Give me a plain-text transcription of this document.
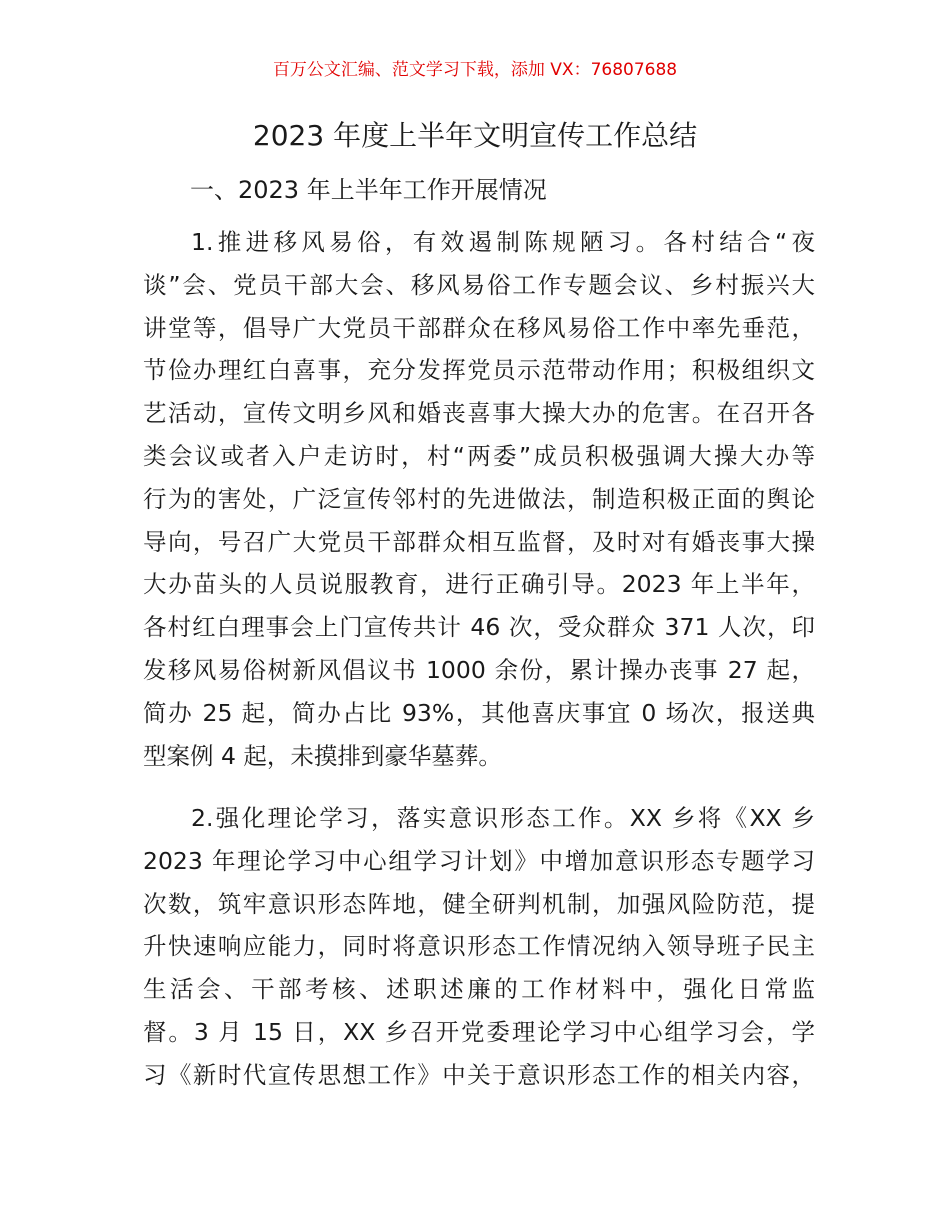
百万公文汇编、范文学习下载，添加 VX：76807688
2023 年度上半年文明宣传工作总结
一、2023 年上半年工作开展情况
1.推进移风易俗，有效遏制陈规陋习。各村结合“夜
谈”会、党员干部大会、移风易俗工作专题会议、乡村振兴大
讲堂等，倡导广大党员干部群众在移风易俗工作中率先垂范，
节俭办理红白喜事，充分发挥党员示范带动作用；积极组织文
艺活动，宣传文明乡风和婚丧喜事大操大办的危害。在召开各
类会议或者入户走访时，村“两委”成员积极强调大操大办等
行为的害处，广泛宣传邻村的先进做法，制造积极正面的舆论
导向，号召广大党员干部群众相互监督，及时对有婚丧事大操
大办苗头的人员说服教育，进行正确引导。2023 年上半年，
各村红白理事会上门宣传共计 46 次，受众群众 371 人次，印
发移风易俗树新风倡议书 1000 余份，累计操办丧事 27 起，
简办 25 起，简办占比 93%，其他喜庆事宜 0 场次，报送典
型案例 4 起，未摸排到豪华墓葬。
2.强化理论学习，落实意识形态工作。XX 乡将《XX 乡
2023 年理论学习中心组学习计划》中增加意识形态专题学习
次数，筑牢意识形态阵地，健全研判机制，加强风险防范，提
升快速响应能力，同时将意识形态工作情况纳入领导班子民主
生活会、干部考核、述职述廉的工作材料中，强化日常监
督。3 月 15 日，XX 乡召开党委理论学习中心组学习会，学
习《新时代宣传思想工作》中关于意识形态工作的相关内容，
